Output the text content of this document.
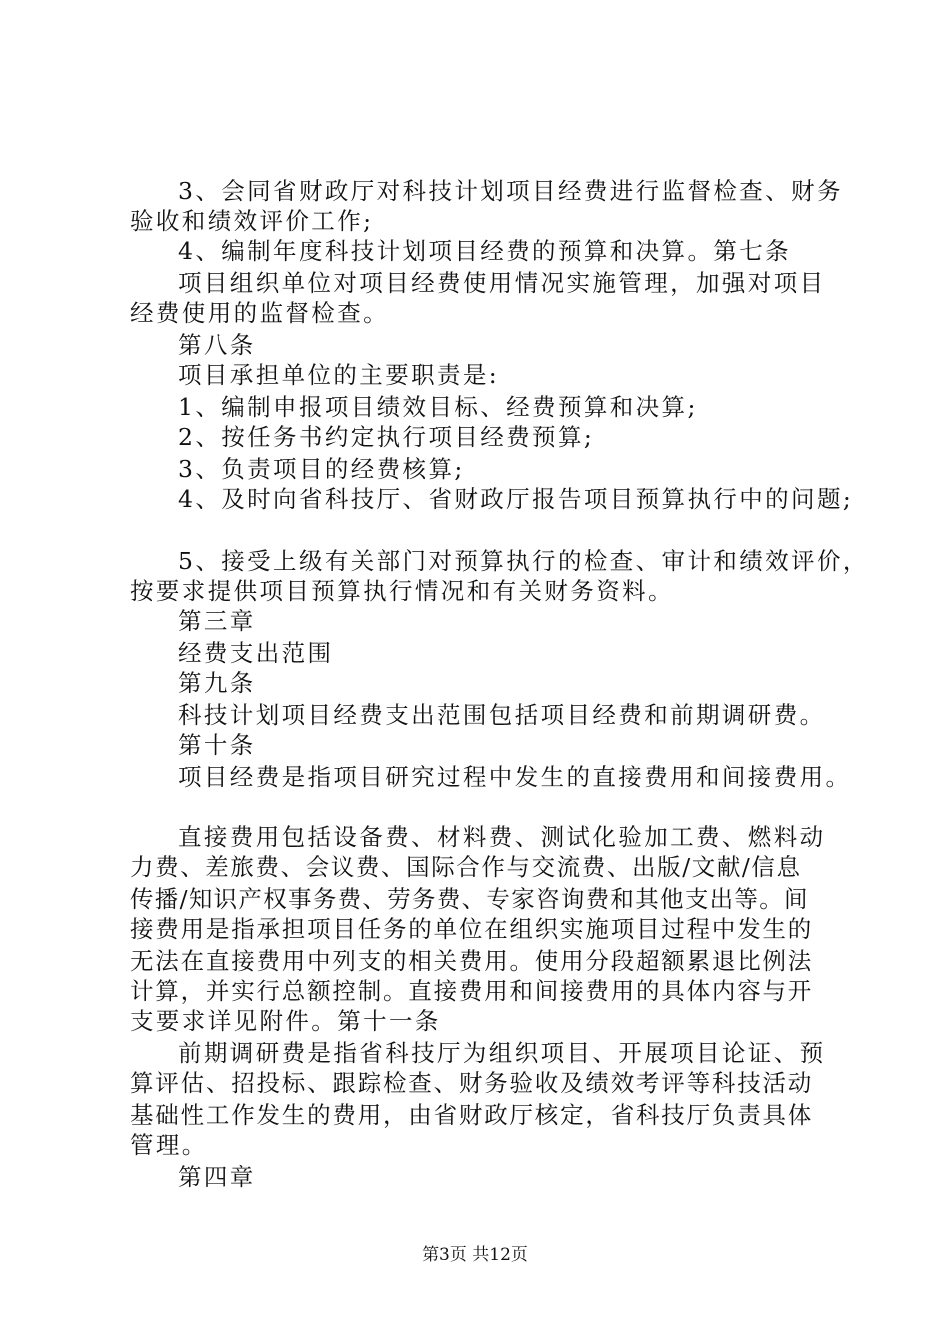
3、会同省财政厅对科技计划项目经费进行监督检查、财务
验收和绩效评价工作;
4、编制年度科技计划项目经费的预算和决算。第七条
项目组织单位对项目经费使用情况实施管理，加强对项目
经费使用的监督检查。
第八条
项目承担单位的主要职责是:
1、编制申报项目绩效目标、经费预算和决算;
2、按任务书约定执行项目经费预算;
3、负责项目的经费核算;
4、及时向省科技厅、省财政厅报告项目预算执行中的问题;
5、接受上级有关部门对预算执行的检查、审计和绩效评价，
按要求提供项目预算执行情况和有关财务资料。
第三章
经费支出范围
第九条
科技计划项目经费支出范围包括项目经费和前期调研费。
第十条
项目经费是指项目研究过程中发生的直接费用和间接费用。
直接费用包括设备费、材料费、测试化验加工费、燃料动
力费、差旅费、会议费、国际合作与交流费、出版/文献/信息
传播/知识产权事务费、劳务费、专家咨询费和其他支出等。间
接费用是指承担项目任务的单位在组织实施项目过程中发生的
无法在直接费用中列支的相关费用。使用分段超额累退比例法
计算，并实行总额控制。直接费用和间接费用的具体内容与开
支要求详见附件。第十一条
前期调研费是指省科技厅为组织项目、开展项目论证、预
算评估、招投标、跟踪检查、财务验收及绩效考评等科技活动
基础性工作发生的费用，由省财政厅核定，省科技厅负责具体
管理。
第四章
第3页 共12页
